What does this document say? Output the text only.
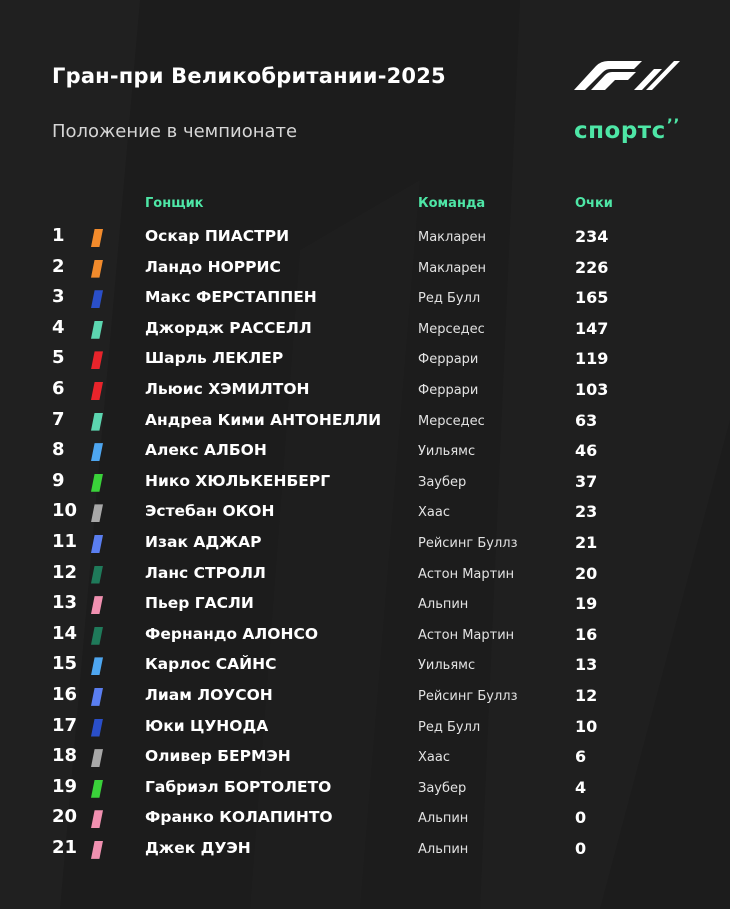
Гран-при Великобритании-2025
Положение в чемпионате	спортс’’
Гонщик	Команда	Очки
1	Оскар ПИАСТРИ	Макларен	234
2	Ландо НОРРИС	Макларен	226
3	Макс ФЕРСТАППЕН	Ред Булл	165
4	Джордж РАССЕЛЛ	Мерседес	147
5	Шарль ЛЕКЛЕР	Феррари	119
6	Льюис ХЭМИЛТОН	Феррари	103
7	Андреа Кими АНТОНЕЛЛИ	Мерседес	63
8	Алекс АЛБОН	Уильямс	46
9	Нико ХЮЛЬКЕНБЕРГ	Заубер	37
10	Эстебан ОКОН	Хаас	23
11	Изак АДЖАР	Рейсинг Буллз	21
12	Ланс СТРОЛЛ	Астон Мартин	20
13	Пьер ГАСЛИ	Альпин	19
14	Фернандо АЛОНСО	Астон Мартин	16
15	Карлос САЙНС	Уильямс	13
16	Лиам ЛОУСОН	Рейсинг Буллз	12
17	Юки ЦУНОДА	Ред Булл	10
18	Оливер БЕРМЭН	Хаас	6
19	Габриэл БОРТОЛЕТО	Заубер	4
20	Франко КОЛАПИНТО	Альпин	0
21	Джек ДУЭН	Альпин	0
